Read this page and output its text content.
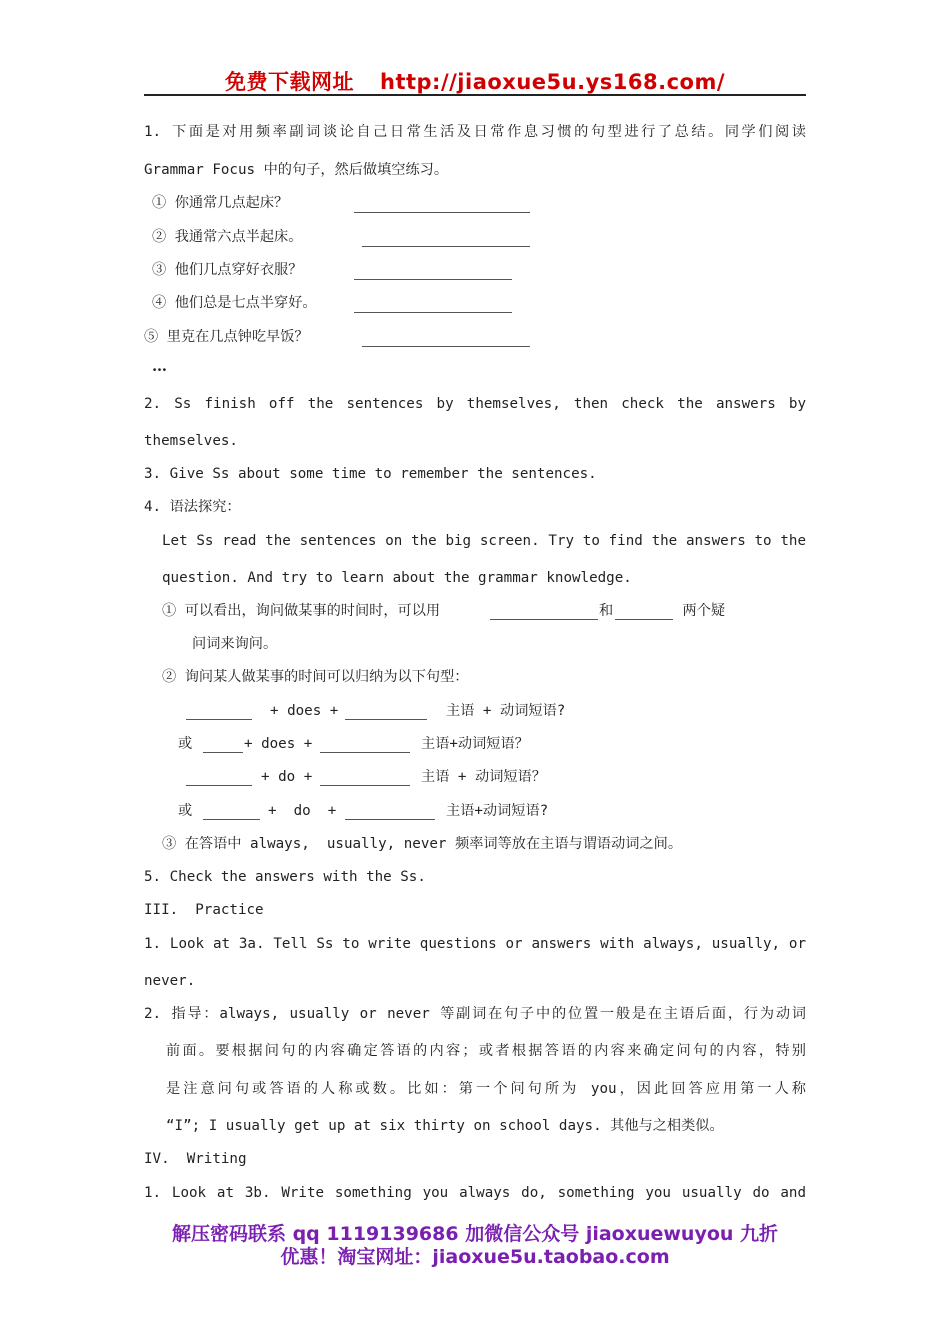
免费下载网址 http://jiaoxue5u.ys168.com/
1. 下面是对用频率副词谈论自己日常生活及日常作息习惯的句型进行了总结。同学们阅读
Grammar Focus 中的句子，然后做填空练习。
① 你通常几点起床？
② 我通常六点半起床。
③ 他们几点穿好衣服？
④ 他们总是七点半穿好。
⑤ 里克在几点钟吃早饭？
…
2. Ss finish off the sentences by themselves, then check the answers by
themselves.
3. Give Ss about some time to remember the sentences.
4. 语法探究：
Let Ss read the sentences on the big screen. Try to find the answers to the
question. And try to learn about the grammar knowledge.
① 可以看出，询问做某事的时间时，可以用	和	两个疑
问词来询问。
② 询问某人做某事的时间可以归纳为以下句型：
+ does +	主语 + 动词短语?
或	+ does +	主语+动词短语？
+ do +	主语 + 动词短语？
或	+  do  +	主语+动词短语?
③ 在答语中 always,  usually, never 频率词等放在主语与谓语动词之间。
5. Check the answers with the Ss.
III.  Practice
1. Look at 3a. Tell Ss to write questions or answers with always, usually, or
never.
2. 指导：always, usually or never 等副词在句子中的位置一般是在主语后面，行为动词
前面。要根据问句的内容确定答语的内容；或者根据答语的内容来确定问句的内容，特别
是注意问句或答语的人称或数。比如：第一个问句所为 you，因此回答应用第一人称
“I”; I usually get up at six thirty on school days. 其他与之相类似。
IV.  Writing
1. Look at 3b. Write something you always do, something you usually do and
解压密码联系 qq 1119139686 加微信公众号 jiaoxuewuyou 九折
优惠！淘宝网址：jiaoxue5u.taobao.com
